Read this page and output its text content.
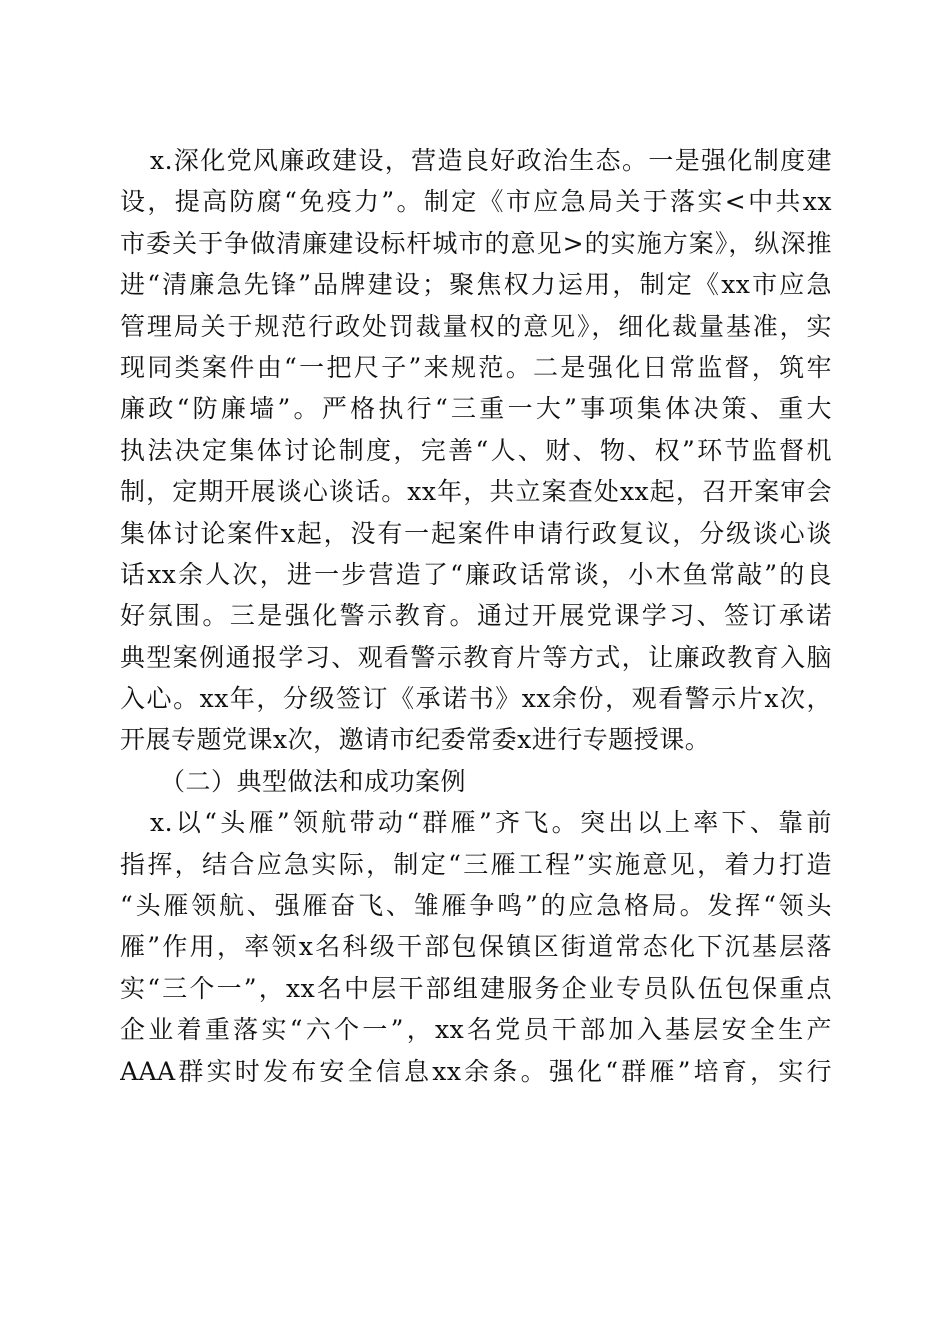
x.深化党风廉政建设，营造良好政治生态。一是强化制度建
设，提高防腐“免疫力”。制定《市应急局关于落实<中共xx
市委关于争做清廉建设标杆城市的意见>的实施方案》，纵深推
进“清廉急先锋”品牌建设；聚焦权力运用，制定《xx市应急
管理局关于规范行政处罚裁量权的意见》，细化裁量基准，实
现同类案件由“一把尺子”来规范。二是强化日常监督，筑牢
廉政“防廉墙”。严格执行“三重一大”事项集体决策、重大
执法决定集体讨论制度，完善“人、财、物、权”环节监督机
制，定期开展谈心谈话。xx年，共立案查处xx起，召开案审会
集体讨论案件x起，没有一起案件申请行政复议，分级谈心谈
话xx余人次，进一步营造了“廉政话常谈，小木鱼常敲”的良
好氛围。三是强化警示教育。通过开展党课学习、签订承诺
典型案例通报学习、观看警示教育片等方式，让廉政教育入脑
入心。xx年，分级签订《承诺书》xx余份，观看警示片x次，
开展专题党课x次，邀请市纪委常委x进行专题授课。
（二）典型做法和成功案例
x.以“头雁”领航带动“群雁”齐飞。突出以上率下、靠前
指挥，结合应急实际，制定“三雁工程”实施意见，着力打造
“头雁领航、强雁奋飞、雏雁争鸣”的应急格局。发挥“领头
雁”作用，率领x名科级干部包保镇区街道常态化下沉基层落
实“三个一”，xx名中层干部组建服务企业专员队伍包保重点
企业着重落实“六个一”，xx名党员干部加入基层安全生产
AAA群实时发布安全信息xx余条。强化“群雁”培育，实行
